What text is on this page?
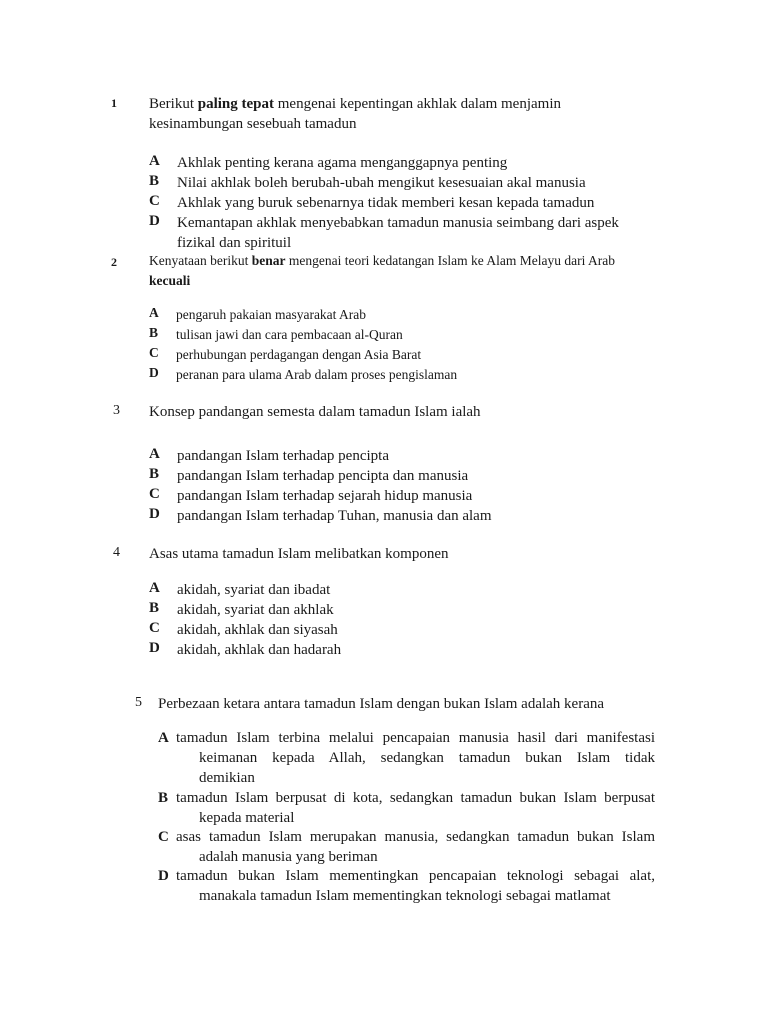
1 Berikut paling tepat mengenai kepentingan akhlak dalam menjamin
kesinambungan sesebuah tamadun
A Akhlak penting kerana agama menganggapnya penting
B Nilai akhlak boleh berubah-ubah mengikut kesesuaian akal manusia
C Akhlak yang buruk sebenarnya tidak memberi kesan kepada tamadun
D Kemantapan akhlak menyebabkan tamadun manusia seimbang dari aspek
fizikal dan spirituil
2 Kenyataan berikut benar mengenai teori kedatangan Islam ke Alam Melayu dari Arab
kecuali
A pengaruh pakaian masyarakat Arab
B tulisan jawi dan cara pembacaan al-Quran
C perhubungan perdagangan dengan Asia Barat
D peranan para ulama Arab dalam proses pengislaman
3 Konsep pandangan semesta dalam tamadun Islam ialah
A pandangan Islam terhadap pencipta
B pandangan Islam terhadap pencipta dan manusia
C pandangan Islam terhadap sejarah hidup manusia
D pandangan Islam terhadap Tuhan, manusia dan alam
4 Asas utama tamadun Islam melibatkan komponen
A akidah, syariat dan ibadat
B akidah, syariat dan akhlak
C akidah, akhlak dan siyasah
D akidah, akhlak dan hadarah
5 Perbezaan ketara antara tamadun Islam dengan bukan Islam adalah kerana
A tamadun Islam terbina melalui pencapaian manusia hasil dari manifestasi
keimanan kepada Allah, sedangkan tamadun bukan Islam tidak
demikian
B tamadun Islam berpusat di kota, sedangkan tamadun bukan Islam berpusat
kepada material
C asas tamadun Islam merupakan manusia, sedangkan tamadun bukan Islam
adalah manusia yang beriman
D tamadun bukan Islam mementingkan pencapaian teknologi sebagai alat,
manakala tamadun Islam mementingkan teknologi sebagai matlamat
